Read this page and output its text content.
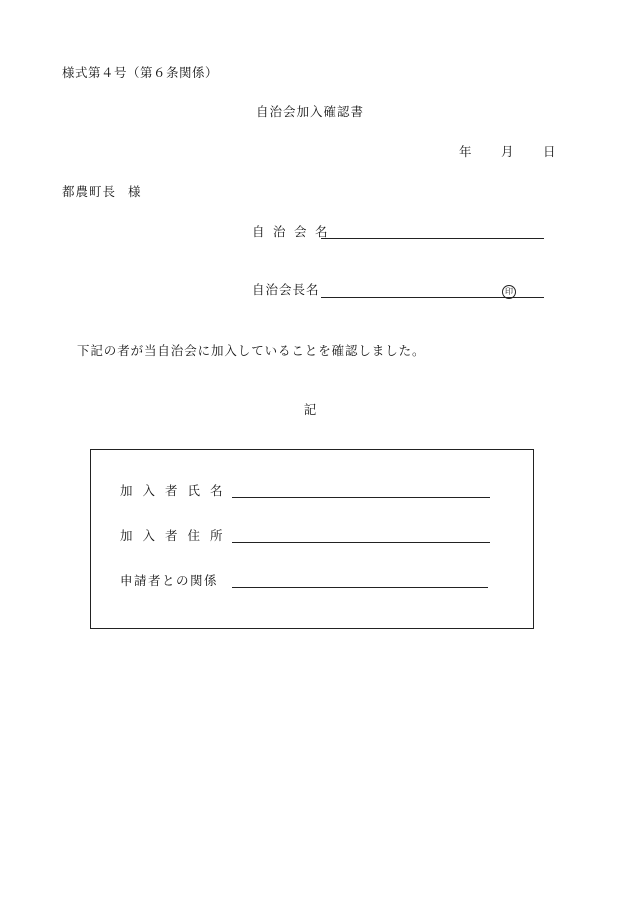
様式第４号（第６条関係）
自治会加入確認書
年 月 日
都農町長 様
自治会名
自治会長名	印
下記の者が当自治会に加入していることを確認しました。
記
加入者氏名
加入者住所
申請者との関係
